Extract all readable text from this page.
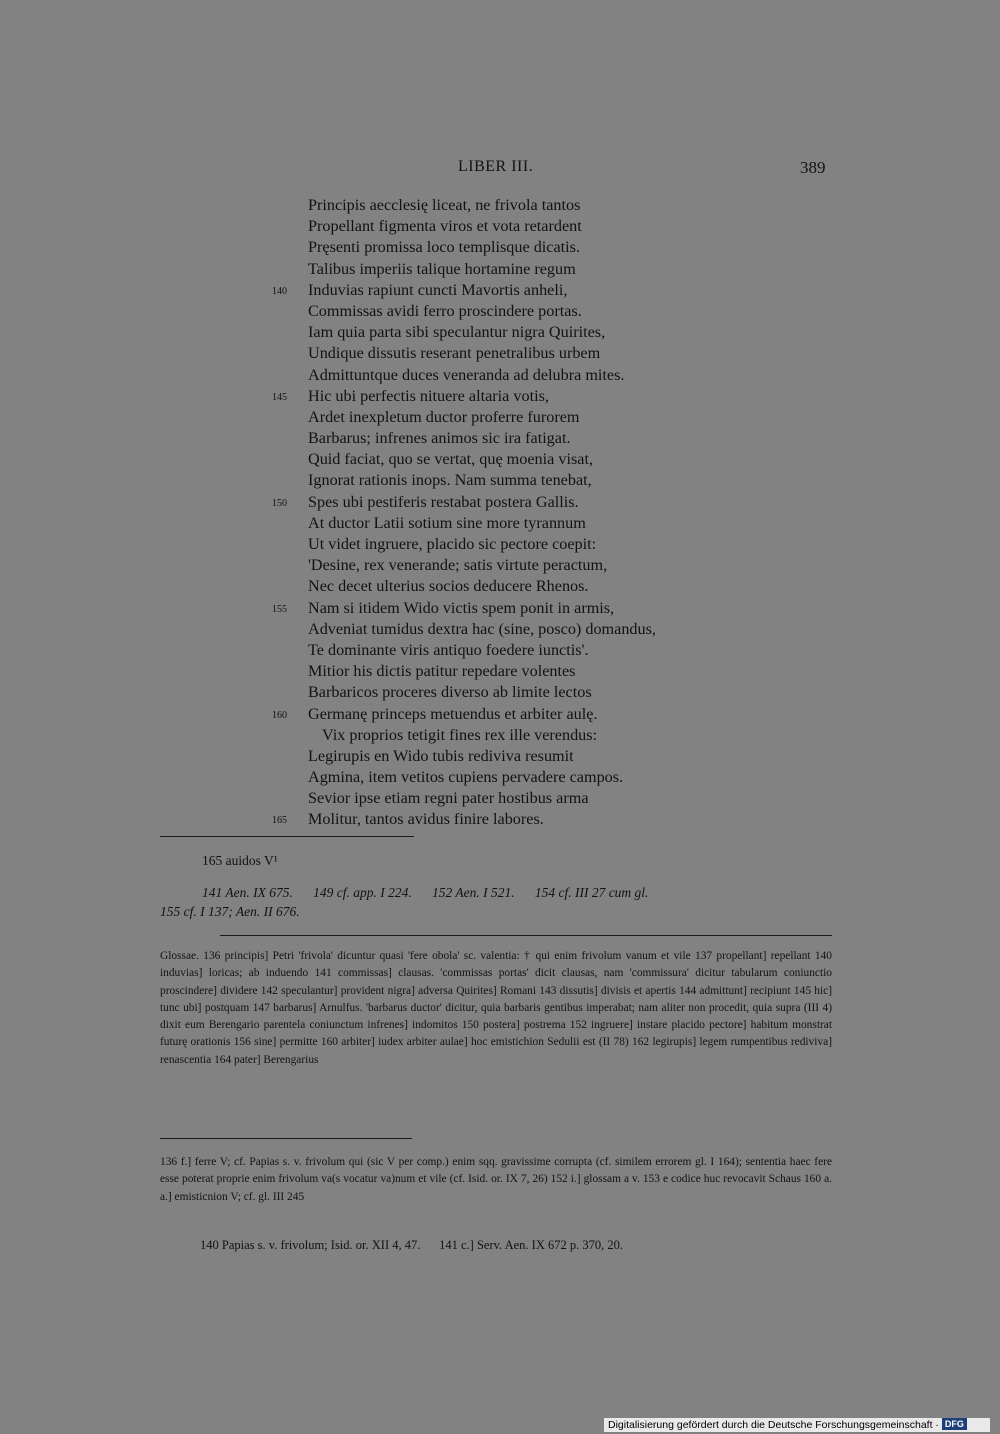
LIBER III.	389
Principis aecclesię liceat, ne frivola tantos
Propellant figmenta viros et vota retardent
Pręsenti promissa loco templisque dicatis.
Talibus imperiis talique hortamine regum
140 Induvias rapiunt cuncti Mavortis anheli,
Commissas avidi ferro proscindere portas.
Iam quia parta sibi speculantur nigra Quirites,
Undique dissutis reserant penetralibus urbem
Admittuntque duces veneranda ad delubra mites.
145 Hic ubi perfectis nituere altaria votis,
Ardet inexpletum ductor proferre furorem
Barbarus; infrenes animos sic ira fatigat.
Quid faciat, quo se vertat, quę moenia visat,
Ignorat rationis inops. Nam summa tenebat,
150 Spes ubi pestiferis restabat postera Gallis.
At ductor Latii sotium sine more tyrannum
Ut videt ingruere, placido sic pectore coepit:
'Desine, rex venerande; satis virtute peractum,
Nec decet ulterius socios deducere Rhenos.
155 Nam si itidem Wido victis spem ponit in armis,
Adveniat tumidus dextra hac (sine, posco) domandus,
Te dominante viris antiquo foedere iunctis'.
Mitior his dictis patitur repedare volentes
Barbaricos proceres diverso ab limite lectos
160 Germanę princeps metuendus et arbiter aulę.
Vix proprios tetigit fines rex ille verendus:
Legirupis en Wido tubis rediviva resumit
Agmina, item vetitos cupiens pervadere campos.
Sevior ipse etiam regni pater hostibus arma
165 Molitur, tantos avidus finire labores.

165 auidos V¹

141 Aen. IX 675.      149 cf. app. I 224.      152 Aen. I 521.      154 cf. III 27 cum gl.

155 cf. I 137; Aen. II 676.

Glossae. 136 principis] Petri 'frivola' dicuntur quasi 'fere obola' sc. valentia: † qui enim frivolum vanum et vile 137 propellant] repellant 140 induvias] loricas; ab induendo 141 commissas] clausas. 'commissas portas' dicit clausas, nam 'commissura' dicitur tabularum coniunctio proscindere] dividere 142 speculantur] provident nigra] adversa Quirites] Romani 143 dissutis] divisis et apertis 144 admittunt] recipiunt 145 hic] tunc ubi] postquam 147 barbarus] Arnulfus. 'barbarus ductor' dicitur, quia barbaris gentibus imperabat; nam aliter non procedit, quia supra (III 4) dixit eum Berengario parentela coniunctum infrenes] indomitos 150 postera] postrema 152 ingruere] instare placido pectore] habitum monstrat futurę orationis 156 sine] permitte 160 arbiter] iudex arbiter aulae] hoc emistichion Sedulii est (II 78) 162 legirupis] legem rumpentibus rediviva] renascentia 164 pater] Berengarius

136 f.] ferre V; cf. Papias s. v. frivolum qui (sic V per comp.) enim sqq. gravissime corrupta (cf. similem errorem gl. I 164); sententia haec fere esse poterat proprie enim frivolum va(s vocatur va)num et vile (cf. Isid. or. IX 7, 26) 152 i.] glossam a v. 153 e codice huc revocavit Schaus 160 a. a.] emisticnion V; cf. gl. III 245

140 Papias s. v. frivolum; Isid. or. XII 4, 47.      141 c.] Serv. Aen. IX 672 p. 370, 20.

Digitalisierung gefördert durch die Deutsche Forschungsgemeinschaft · DFG
